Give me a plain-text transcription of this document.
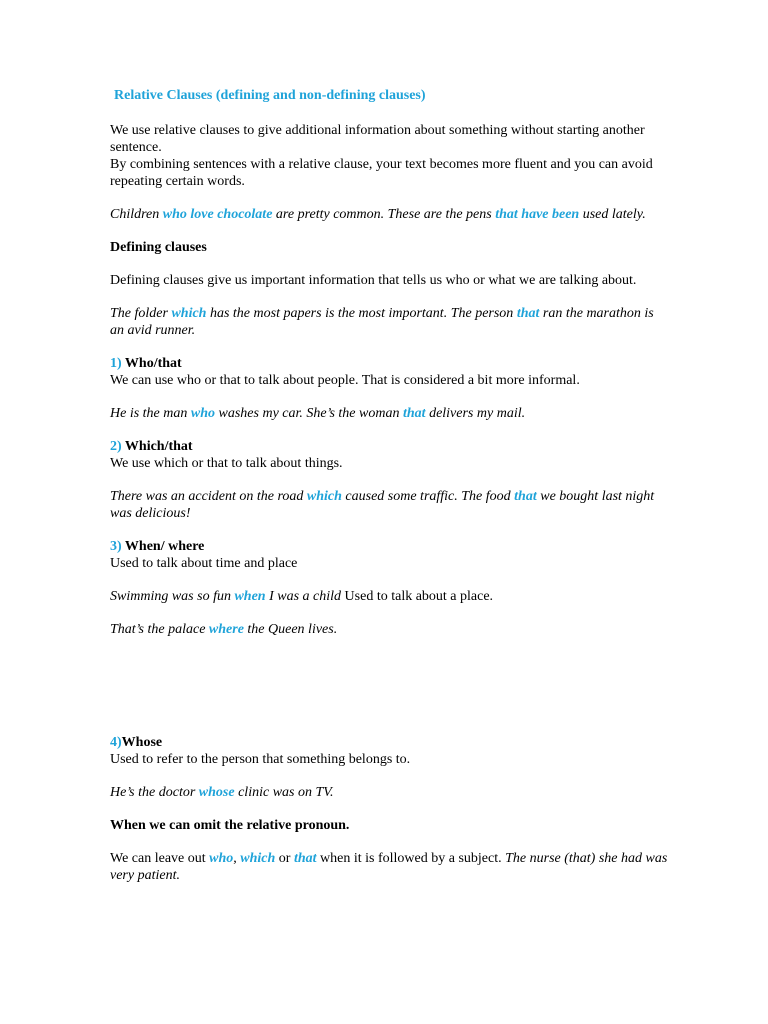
Relative Clauses (defining and non-defining clauses)

We use relative clauses to give additional information about something without starting another sentence.

By combining sentences with a relative clause, your text becomes more fluent and you can avoid repeating certain words.

Children who love chocolate are pretty common. These are the pens that have been used lately.

Defining clauses

Defining clauses give us important information that tells us who or what we are talking about.

The folder which has the most papers is the most important. The person that ran the marathon is an avid runner.

1) Who/that

We can use who or that to talk about people. That is considered a bit more informal.

He is the man who washes my car. She’s the woman that delivers my mail.

2) Which/that

We use which or that to talk about things.

There was an accident on the road which caused some traffic. The food that we bought last night was delicious!

3) When/ where

Used to talk about time and place

Swimming was so fun when I was a child Used to talk about a place.

That’s the palace where the Queen lives.

4)Whose

Used to refer to the person that something belongs to.

He’s the doctor whose clinic was on TV.

When we can omit the relative pronoun.

We can leave out who, which or that when it is followed by a subject. The nurse (that) she had was very patient.
